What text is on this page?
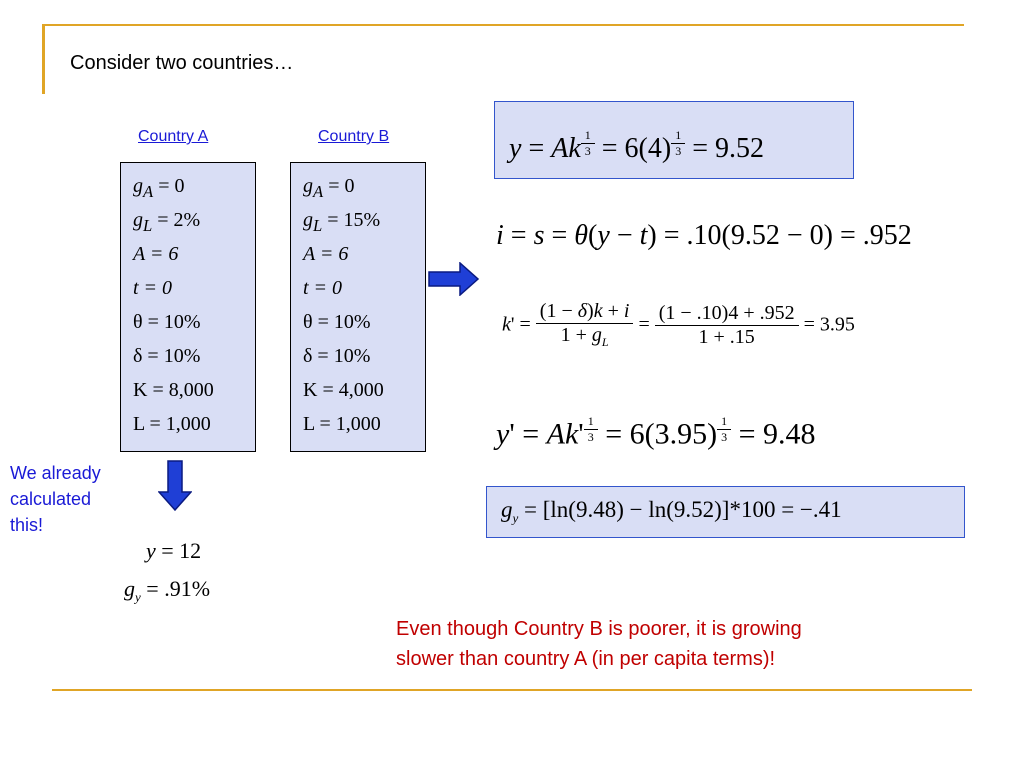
Consider two countries…
Country A	Country B
$g_A = 0$
$g_L = 2\%$
A = 6
t = 0
θ = 10%
δ = 10%
K = 8,000
L = 1,000
$g_A = 0$
$g_L = 15\%$
A = 6
t = 0
θ = 10%
δ = 10%
K = 4,000
L = 1,000
We already
calculated
this!
y = 12
$g_y = .91\%$
y = Ak $^{\frac{1}{3}}$ = 6(4) $^{\frac{1}{3}}$ = 9.52
i = s = θ(y − t) = .10(9.52 − 0) = .952
$k' = \frac{(1 - \delta)k + i}{1 + g_L} = \frac{(1 - .10)4 + .952}{1 + .15} = 3.95$
y' = Ak' $^{\frac{1}{3}}$ = 6(3.95) $^{\frac{1}{3}}$ = 9.48
$g_y = [\ln(9.48) - \ln(9.52)]*100 = -.41$
Even though Country B is poorer, it is growing
slower than country A (in per capita terms)!
